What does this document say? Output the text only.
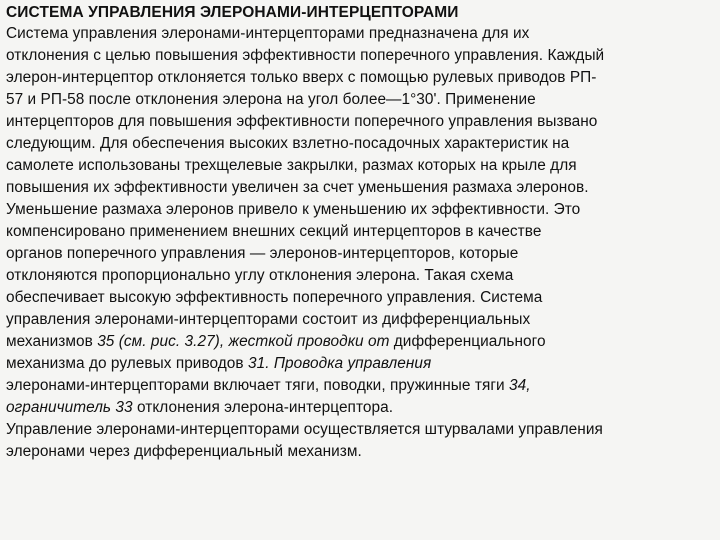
СИСТЕМА УПРАВЛЕНИЯ ЭЛЕРОНАМИ-ИНТЕРЦЕПТОРАМИ
Система управления элеронами-интерцепторами предназначена для их
отклонения с целью повышения эффективности поперечного управления. Каждый
элерон-интерцептор отклоняется только вверх с помощью рулевых приводов РП-
57 и РП-58 после отклонения элерона на угол более—1°30'. Применение
интерцепторов для повышения эффективности поперечного управления вызвано
следующим. Для обеспечения высоких взлетно-посадочных характеристик на
самолете использованы трехщелевые закрылки, размах которых на крыле для
повышения их эффективности увеличен за счет уменьшения размаха элеронов.
Уменьшение размаха элеронов привело к уменьшению их эффективности. Это
компенсировано применением внешних секций интерцепторов в качестве
органов поперечного управления — элеронов-интерцепторов, которые
отклоняются пропорционально углу отклонения элерона. Такая схема
обеспечивает высокую эффективность поперечного управления. Система
управления элеронами-интерцепторами состоит из дифференциальных
механизмов 35 (см. рис. 3.27), жесткой проводки от дифференциального
механизма до рулевых приводов 31. Проводка управления
элеронами-интерцепторами включает тяги, поводки, пружинные тяги 34,
ограничитель 33 отклонения элерона-интерцептора.
Управление элеронами-интерцепторами осуществляется штурвалами управления
элеронами через дифференциальный механизм.
